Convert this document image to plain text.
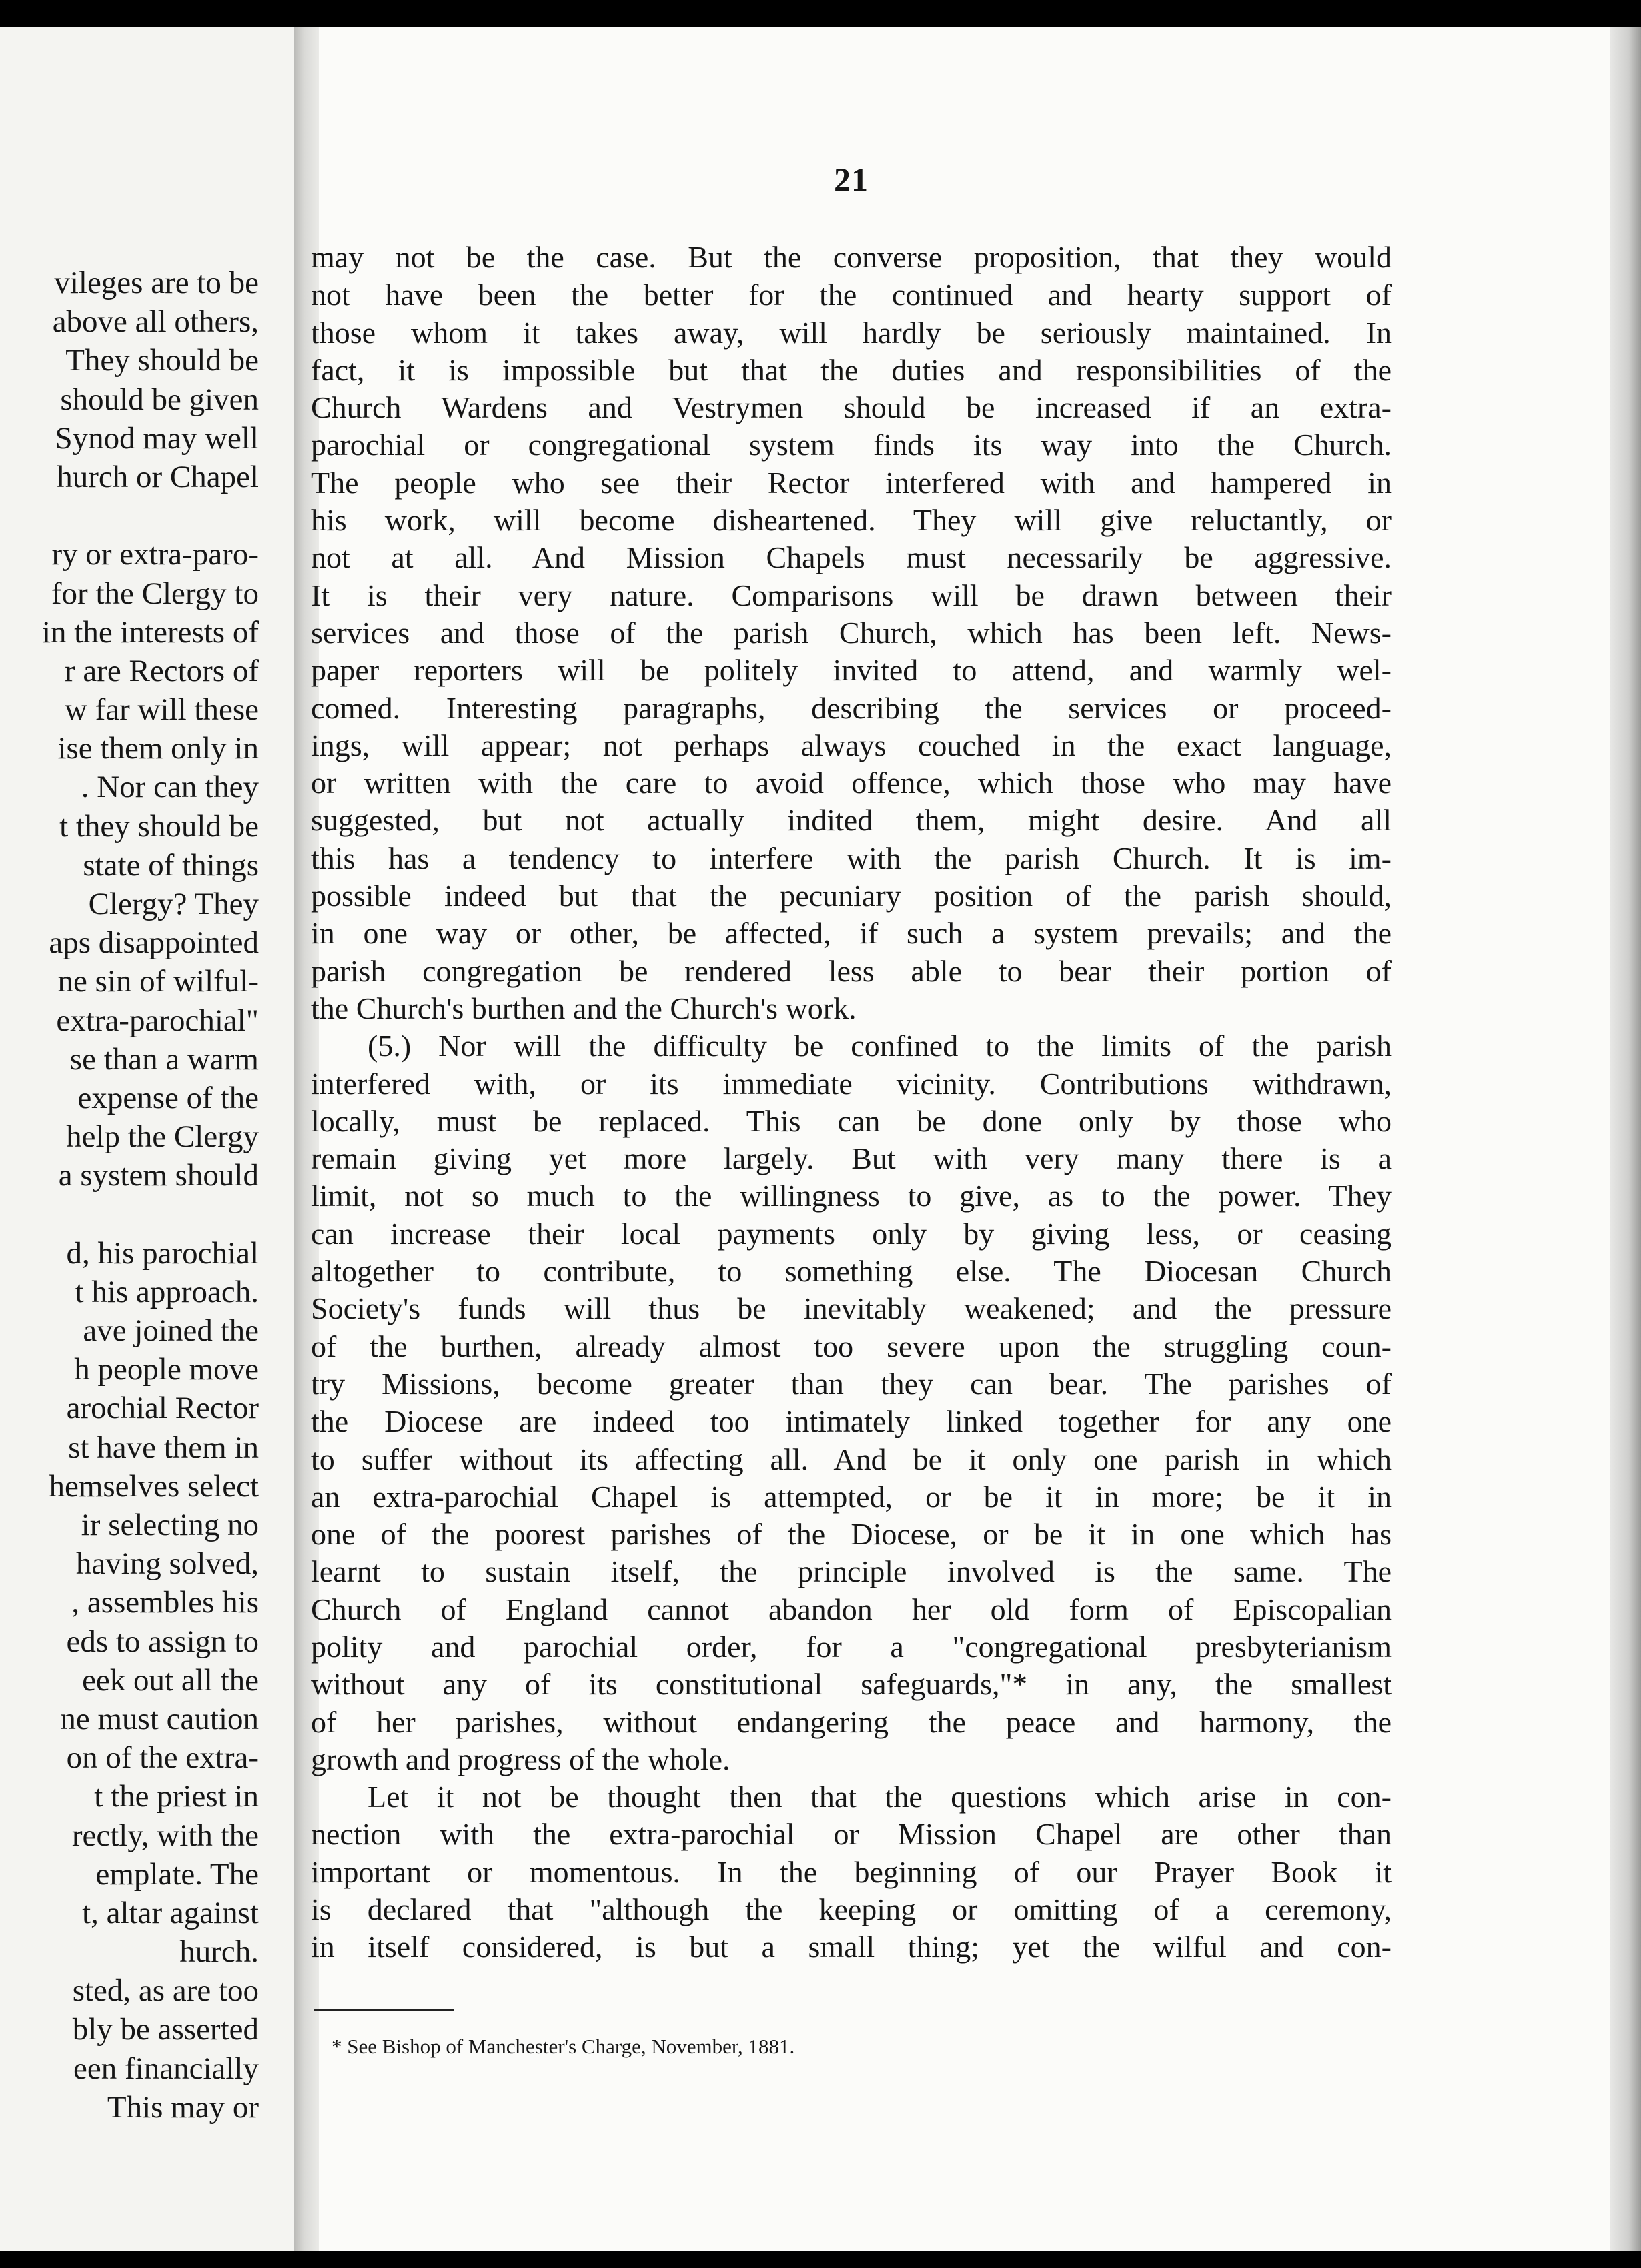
vileges are to be
above all others,
They should be
should be given
Synod may well
hurch or Chapel
ry or extra-paro-
for the Clergy to
in the interests of
r are Rectors of
w far will these
ise them only in
. Nor can they
t they should be
state of things
Clergy? They
aps disappointed
ne sin of wilful-
extra-parochial"
se than a warm
expense of the
help the Clergy
a system should
d, his parochial
t his approach.
ave joined the
h people move
arochial Rector
st have them in
hemselves select
ir selecting no
having solved,
, assembles his
eds to assign to
eek out all the
ne must caution
on of the extra-
t the priest in
rectly, with the
emplate. The
t, altar against
hurch.
sted, as are too
bly be asserted
een financially
This may or
21
may not be the case. But the converse proposition, that they would
not have been the better for the continued and hearty support of
those whom it takes away, will hardly be seriously maintained. In
fact, it is impossible but that the duties and responsibilities of the
Church Wardens and Vestrymen should be increased if an extra-
parochial or congregational system finds its way into the Church.
The people who see their Rector interfered with and hampered in
his work, will become disheartened. They will give reluctantly, or
not at all. And Mission Chapels must necessarily be aggressive.
It is their very nature. Comparisons will be drawn between their
services and those of the parish Church, which has been left. News-
paper reporters will be politely invited to attend, and warmly wel-
comed. Interesting paragraphs, describing the services or proceed-
ings, will appear; not perhaps always couched in the exact language,
or written with the care to avoid offence, which those who may have
suggested, but not actually indited them, might desire. And all
this has a tendency to interfere with the parish Church. It is im-
possible indeed but that the pecuniary position of the parish should,
in one way or other, be affected, if such a system prevails; and the
parish congregation be rendered less able to bear their portion of
the Church's burthen and the Church's work.
(5.) Nor will the difficulty be confined to the limits of the parish
interfered with, or its immediate vicinity. Contributions withdrawn,
locally, must be replaced. This can be done only by those who
remain giving yet more largely. But with very many there is a
limit, not so much to the willingness to give, as to the power. They
can increase their local payments only by giving less, or ceasing
altogether to contribute, to something else. The Diocesan Church
Society's funds will thus be inevitably weakened; and the pressure
of the burthen, already almost too severe upon the struggling coun-
try Missions, become greater than they can bear. The parishes of
the Diocese are indeed too intimately linked together for any one
to suffer without its affecting all. And be it only one parish in which
an extra-parochial Chapel is attempted, or be it in more; be it in
one of the poorest parishes of the Diocese, or be it in one which has
learnt to sustain itself, the principle involved is the same. The
Church of England cannot abandon her old form of Episcopalian
polity and parochial order, for a "congregational presbyterianism
without any of its constitutional safeguards,"* in any, the smallest
of her parishes, without endangering the peace and harmony, the
growth and progress of the whole.
Let it not be thought then that the questions which arise in con-
nection with the extra-parochial or Mission Chapel are other than
important or momentous. In the beginning of our Prayer Book it
is declared that "although the keeping or omitting of a ceremony,
in itself considered, is but a small thing; yet the wilful and con-
* See Bishop of Manchester's Charge, November, 1881.
